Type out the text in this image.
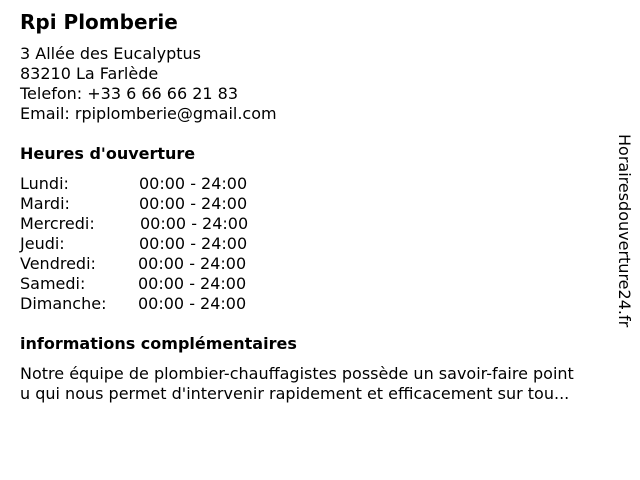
Rpi Plomberie
3 Allée des Eucalyptus
83210 La Farlède
Telefon: +33 6 66 66 21 83
Email: rpiplomberie@gmail.com
Heures d'ouverture
Lundi:	00:00 - 24:00
Mardi:	00:00 - 24:00
Mercredi:	00:00 - 24:00
Jeudi:	00:00 - 24:00
Vendredi:	00:00 - 24:00
Samedi:	00:00 - 24:00
Dimanche: 00:00 - 24:00
informations complémentaires
Notre équipe de plombier-chauffagistes possède un savoir-faire point
u qui nous permet d'intervenir rapidement et efficacement sur tou...
Horairesdouverture24.fr
